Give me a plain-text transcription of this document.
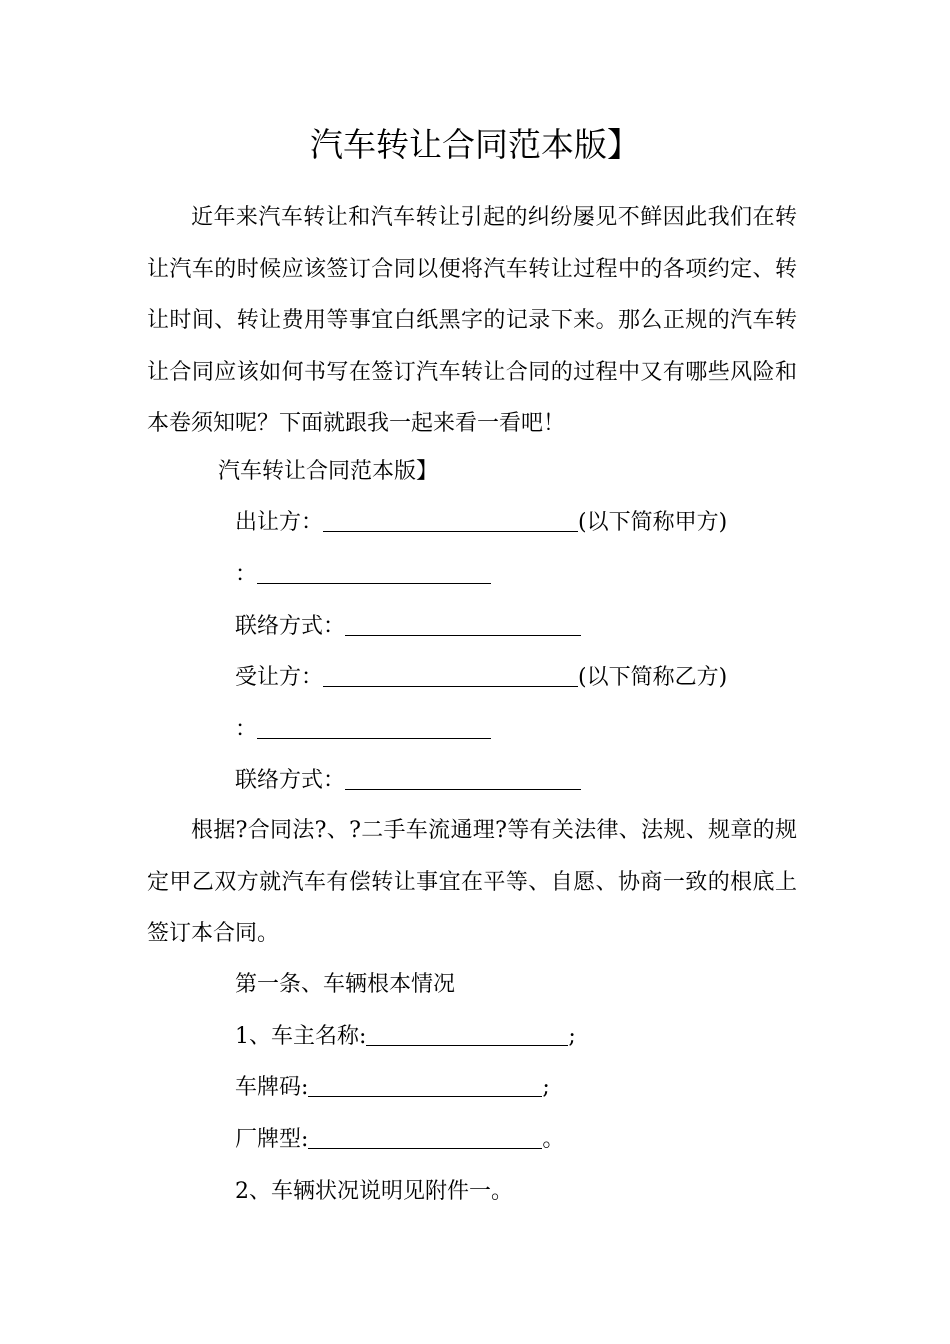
汽车转让合同范本版】

近年来汽车转让和汽车转让引起的纠纷屡见不鲜因此我们在转让汽车的时候应该签订合同以便将汽车转让过程中的各项约定、转让时间、转让费用等事宜白纸黑字的记录下来。那么正规的汽车转让合同应该如何书写在签订汽车转让合同的过程中又有哪些风险和本卷须知呢？下面就跟我一起来看一看吧！

汽车转让合同范本版】

出让方：	(以下简称甲方)

：

联络方式：

受让方：	(以下简称乙方)

：

联络方式：

根据?合同法?、?二手车流通理?等有关法律、法规、规章的规定甲乙双方就汽车有偿转让事宜在平等、自愿、协商一致的根底上签订本合同。

第一条、车辆根本情况

1、车主名称:	;

车牌码:	;

厂牌型:	。

2、车辆状况说明见附件一。
